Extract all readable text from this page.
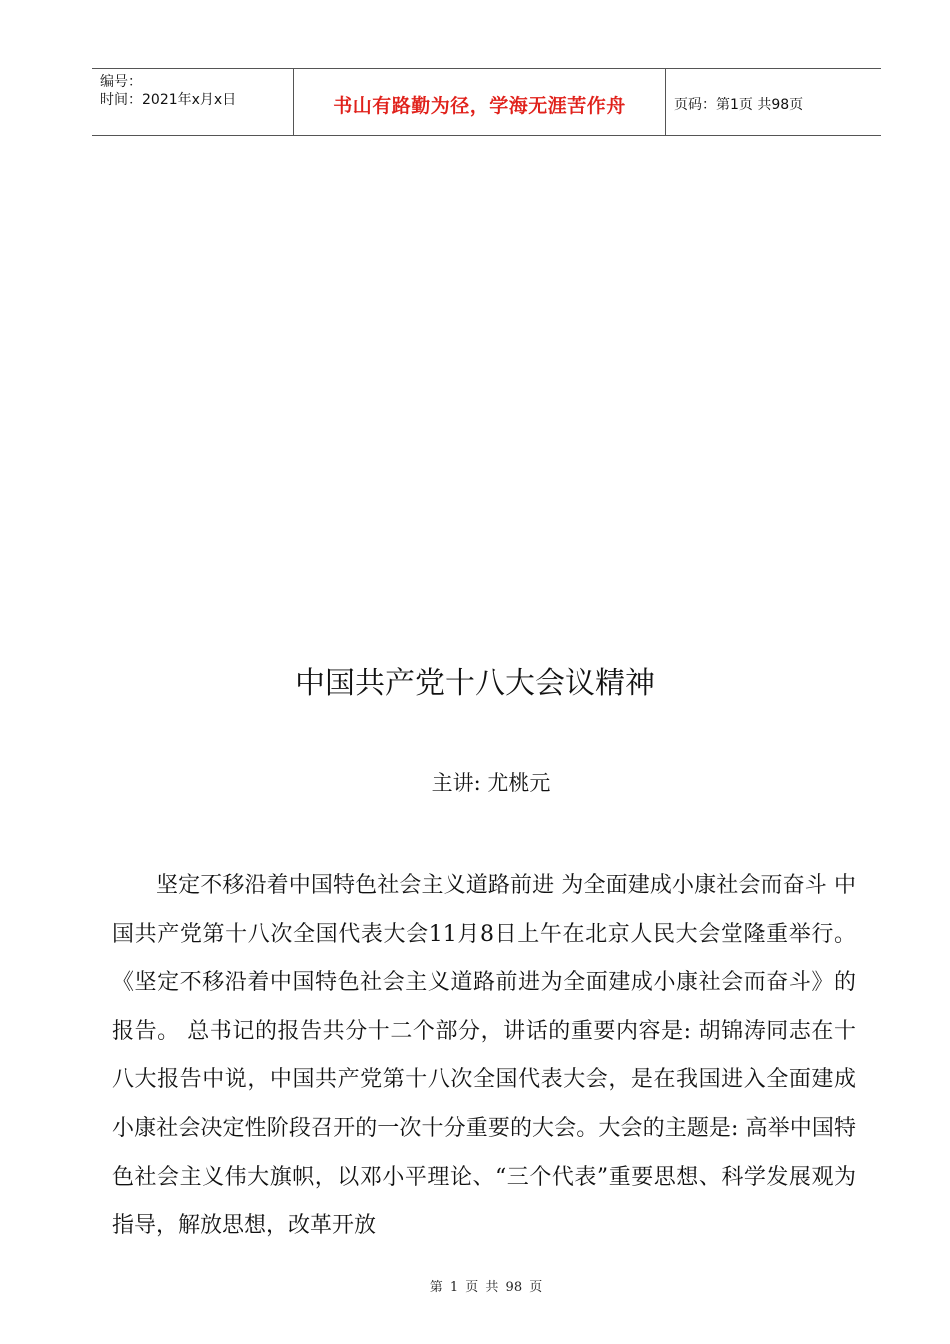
编号：
时间：2021年x月x日	书山有路勤为径，学海无涯苦作舟	页码：第1页 共98页
中国共产党十八大会议精神
主讲: 尤桃元

坚定不移沿着中国特色社会主义道路前进 为全面建成小康社会而奋斗 中国共产党第十八次全国代表大会11月8日上午在北京人民大会堂隆重举行。《坚定不移沿着中国特色社会主义道路前进为全面建成小康社会而奋斗》的报告。 总书记的报告共分十二个部分，讲话的重要内容是: 胡锦涛同志在十八大报告中说，中国共产党第十八次全国代表大会，是在我国进入全面建成小康社会决定性阶段召开的一次十分重要的大会。大会的主题是: 高举中国特色社会主义伟大旗帜，以邓小平理论、“三个代表”重要思想、科学发展观为指导，解放思想，改革开放

第 1 页 共 98 页
